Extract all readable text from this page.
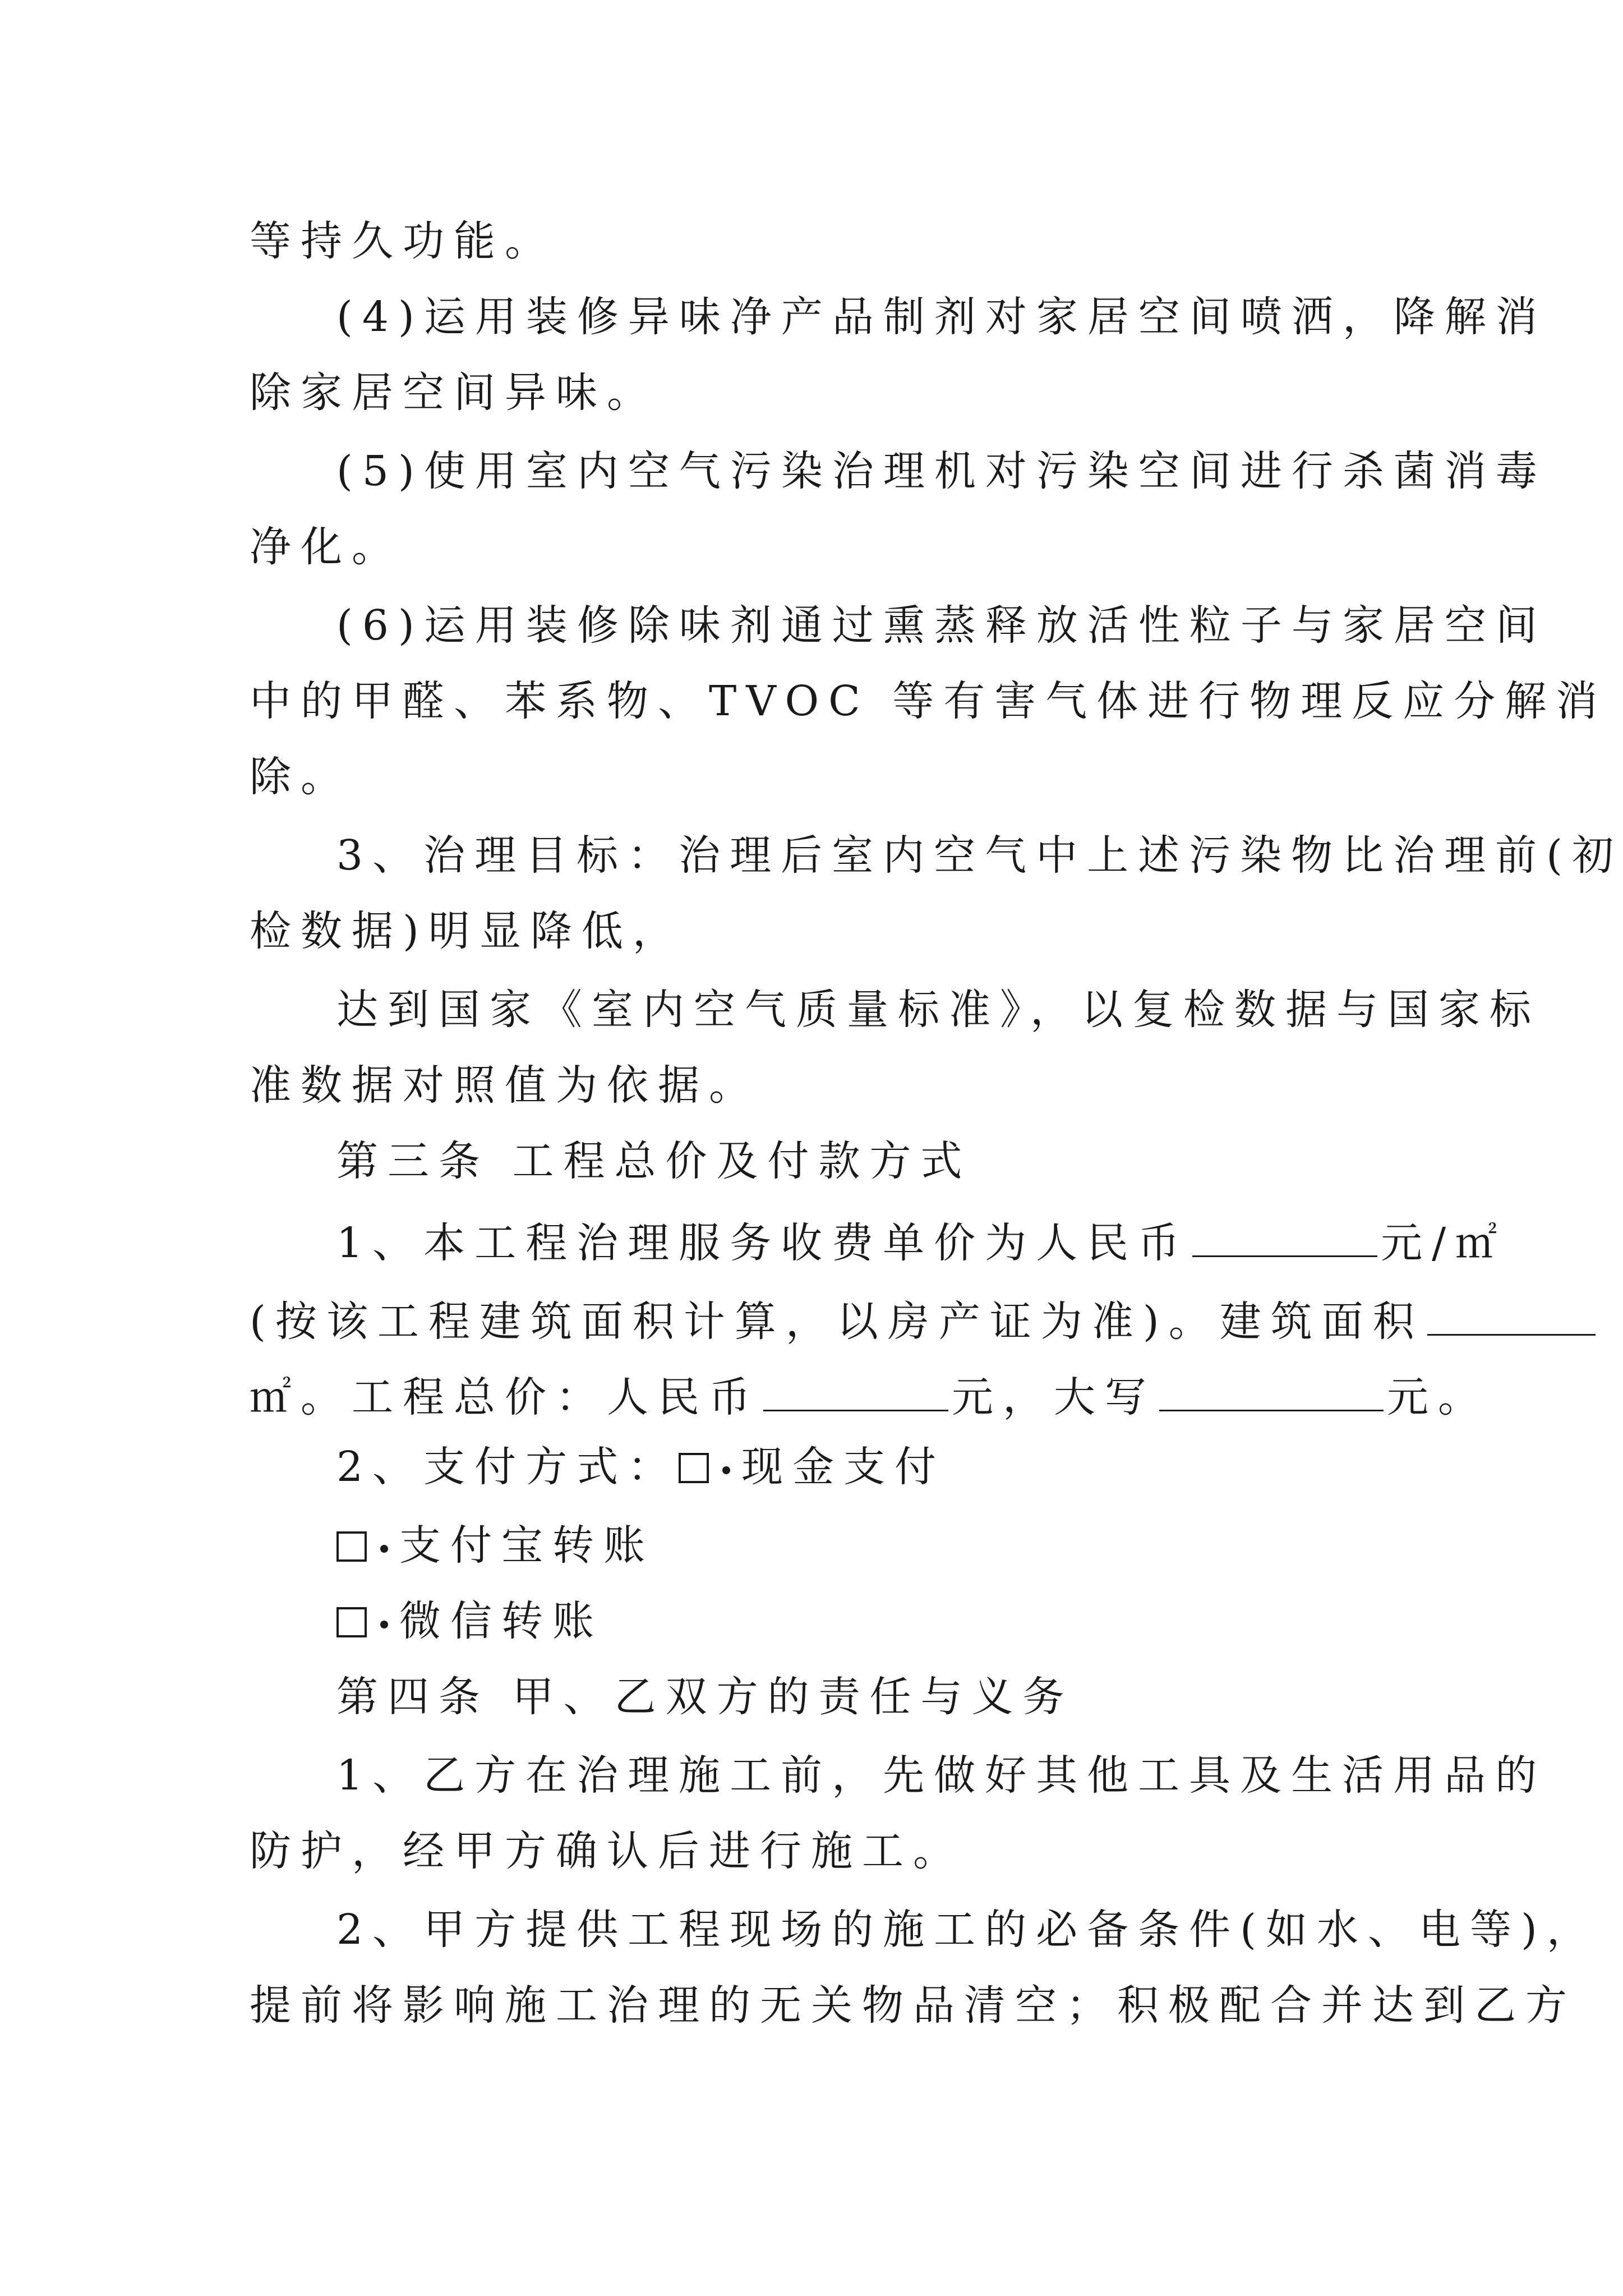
等持久功能。
(4)运用装修异味净产品制剂对家居空间喷洒，降解消
除家居空间异味。
(5)使用室内空气污染治理机对污染空间进行杀菌消毒
净化。
(6)运用装修除味剂通过熏蒸释放活性粒子与家居空间
中的甲醛、苯系物、TVOC 等有害气体进行物理反应分解消
除。
3、治理目标：治理后室内空气中上述污染物比治理前(初
检数据)明显降低，
达到国家《室内空气质量标准》，以复检数据与国家标
准数据对照值为依据。
第三条 工程总价及付款方式
1、本工程治理服务收费单价为人民币	元/㎡
(按该工程建筑面积计算，以房产证为准)。建筑面积
㎡。工程总价：人民币	元，大写	元。
2、支付方式： 现金支付
支付宝转账
微信转账
第四条 甲、乙双方的责任与义务
1、乙方在治理施工前，先做好其他工具及生活用品的
防护，经甲方确认后进行施工。
2、甲方提供工程现场的施工的必备条件(如水、电等)，
提前将影响施工治理的无关物品清空；积极配合并达到乙方
